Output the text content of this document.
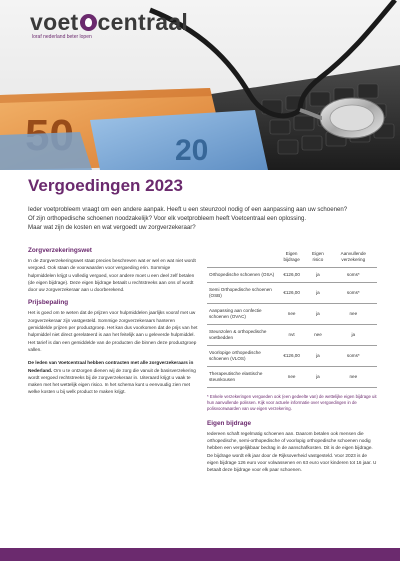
20
voet centraal
loraf nederland beter lopen
Vergoedingen 2023

Ieder voetprobleem vraagt om een andere aanpak. Heeft u een steunzool nodig of een aanpassing aan uw schoenen?

Of zijn orthopedische schoenen noodzakelijk? Voor elk voetprobleem heeft Voetcentraal een oplossing.

Maar wat zijn de kosten en wat vergoedt uw zorgverzekeraar?

Zorgverzekeringswet
In de Zorgverzekeringswet staat precies beschreven wat er wel en wat niet wordt vergoed. Ook staan de voorwaarden voor vergoeding erin. Sommige hulpmiddelen krijgt u volledig vergoed, voor andere moet u een deel zelf betalen (de eigen bijdrage). Deze eigen bijdrage betaalt u rechtstreeks aan ons of wordt door uw zorgverzekeraar aan u doorberekend.
Prijsbepaling
Het is goed om te weten dat de prijzen voor hulpmiddelen jaarlijks vooraf met uw zorgverzekeraar zijn vastgesteld. Sommige zorgverzekeraars hanteren gemiddelde prijzen per productgroep. Het kan dus voorkomen dat de prijs van het hulpmiddel niet direct gerelateerd is aan het feitelijk aan u geleverde hulpmiddel. Het tarief is dan een gemiddelde van de producten die binnen deze productgroep vallen.
De leden van Voetcentraal hebben contracten met alle zorgverzekeraars in Nederland. Om u te ontzorgen dienen wij de zorg die vanuit de basisverzekering wordt vergoed rechtstreeks bij de zorgverzekeraar in. Uiteraard krijgt u vaak te maken met het wettelijk eigen risico. In het schema kunt u eenvoudig zien met welke kosten u bij welk product te maken krijgt.
	Eigen bijdrage	Eigen risico	Aanvullende verzekering
Orthopedische schoenen (OSA)	€126,00	ja	soms*
Semi Orthopedische schoenen (OSB)	€126,00	ja	soms*
Aanpassing aan confectie schoenen (OVAC)	nee	ja	nee
Steunzolen & orthopedische voetbedden	nvt	nee	ja
Voorlopige orthopedische schoenen (VLOS)	€126,00	ja	soms*
Therapeutische elastische steunkousen	nee	ja	nee
* Enkele verzekeringen vergoeden ook (een gedeelte van) de wettelijke eigen bijdrage uit hun aanvullende polissen. Kijk voor actuele informatie over vergoedingen in de polisvoorwaarden van uw eigen verzekering.
Eigen bijdrage
Iedereen schaft regelmatig schoenen aan. Daarom betalen ook mensen die orthopedische, semi-orthopedische of voorlopig orthopedische schoenen nodig hebben een vergelijkbaar bedrag in de aanschafkosten. Dit is de eigen bijdrage. De bijdrage wordt elk jaar door de Rijksoverheid vastgesteld. Voor 2023 is de eigen bijdrage 126 euro voor volwassenen en 63 euro voor kinderen tot 16 jaar. U betaalt deze bijdrage voor elk paar schoenen.
